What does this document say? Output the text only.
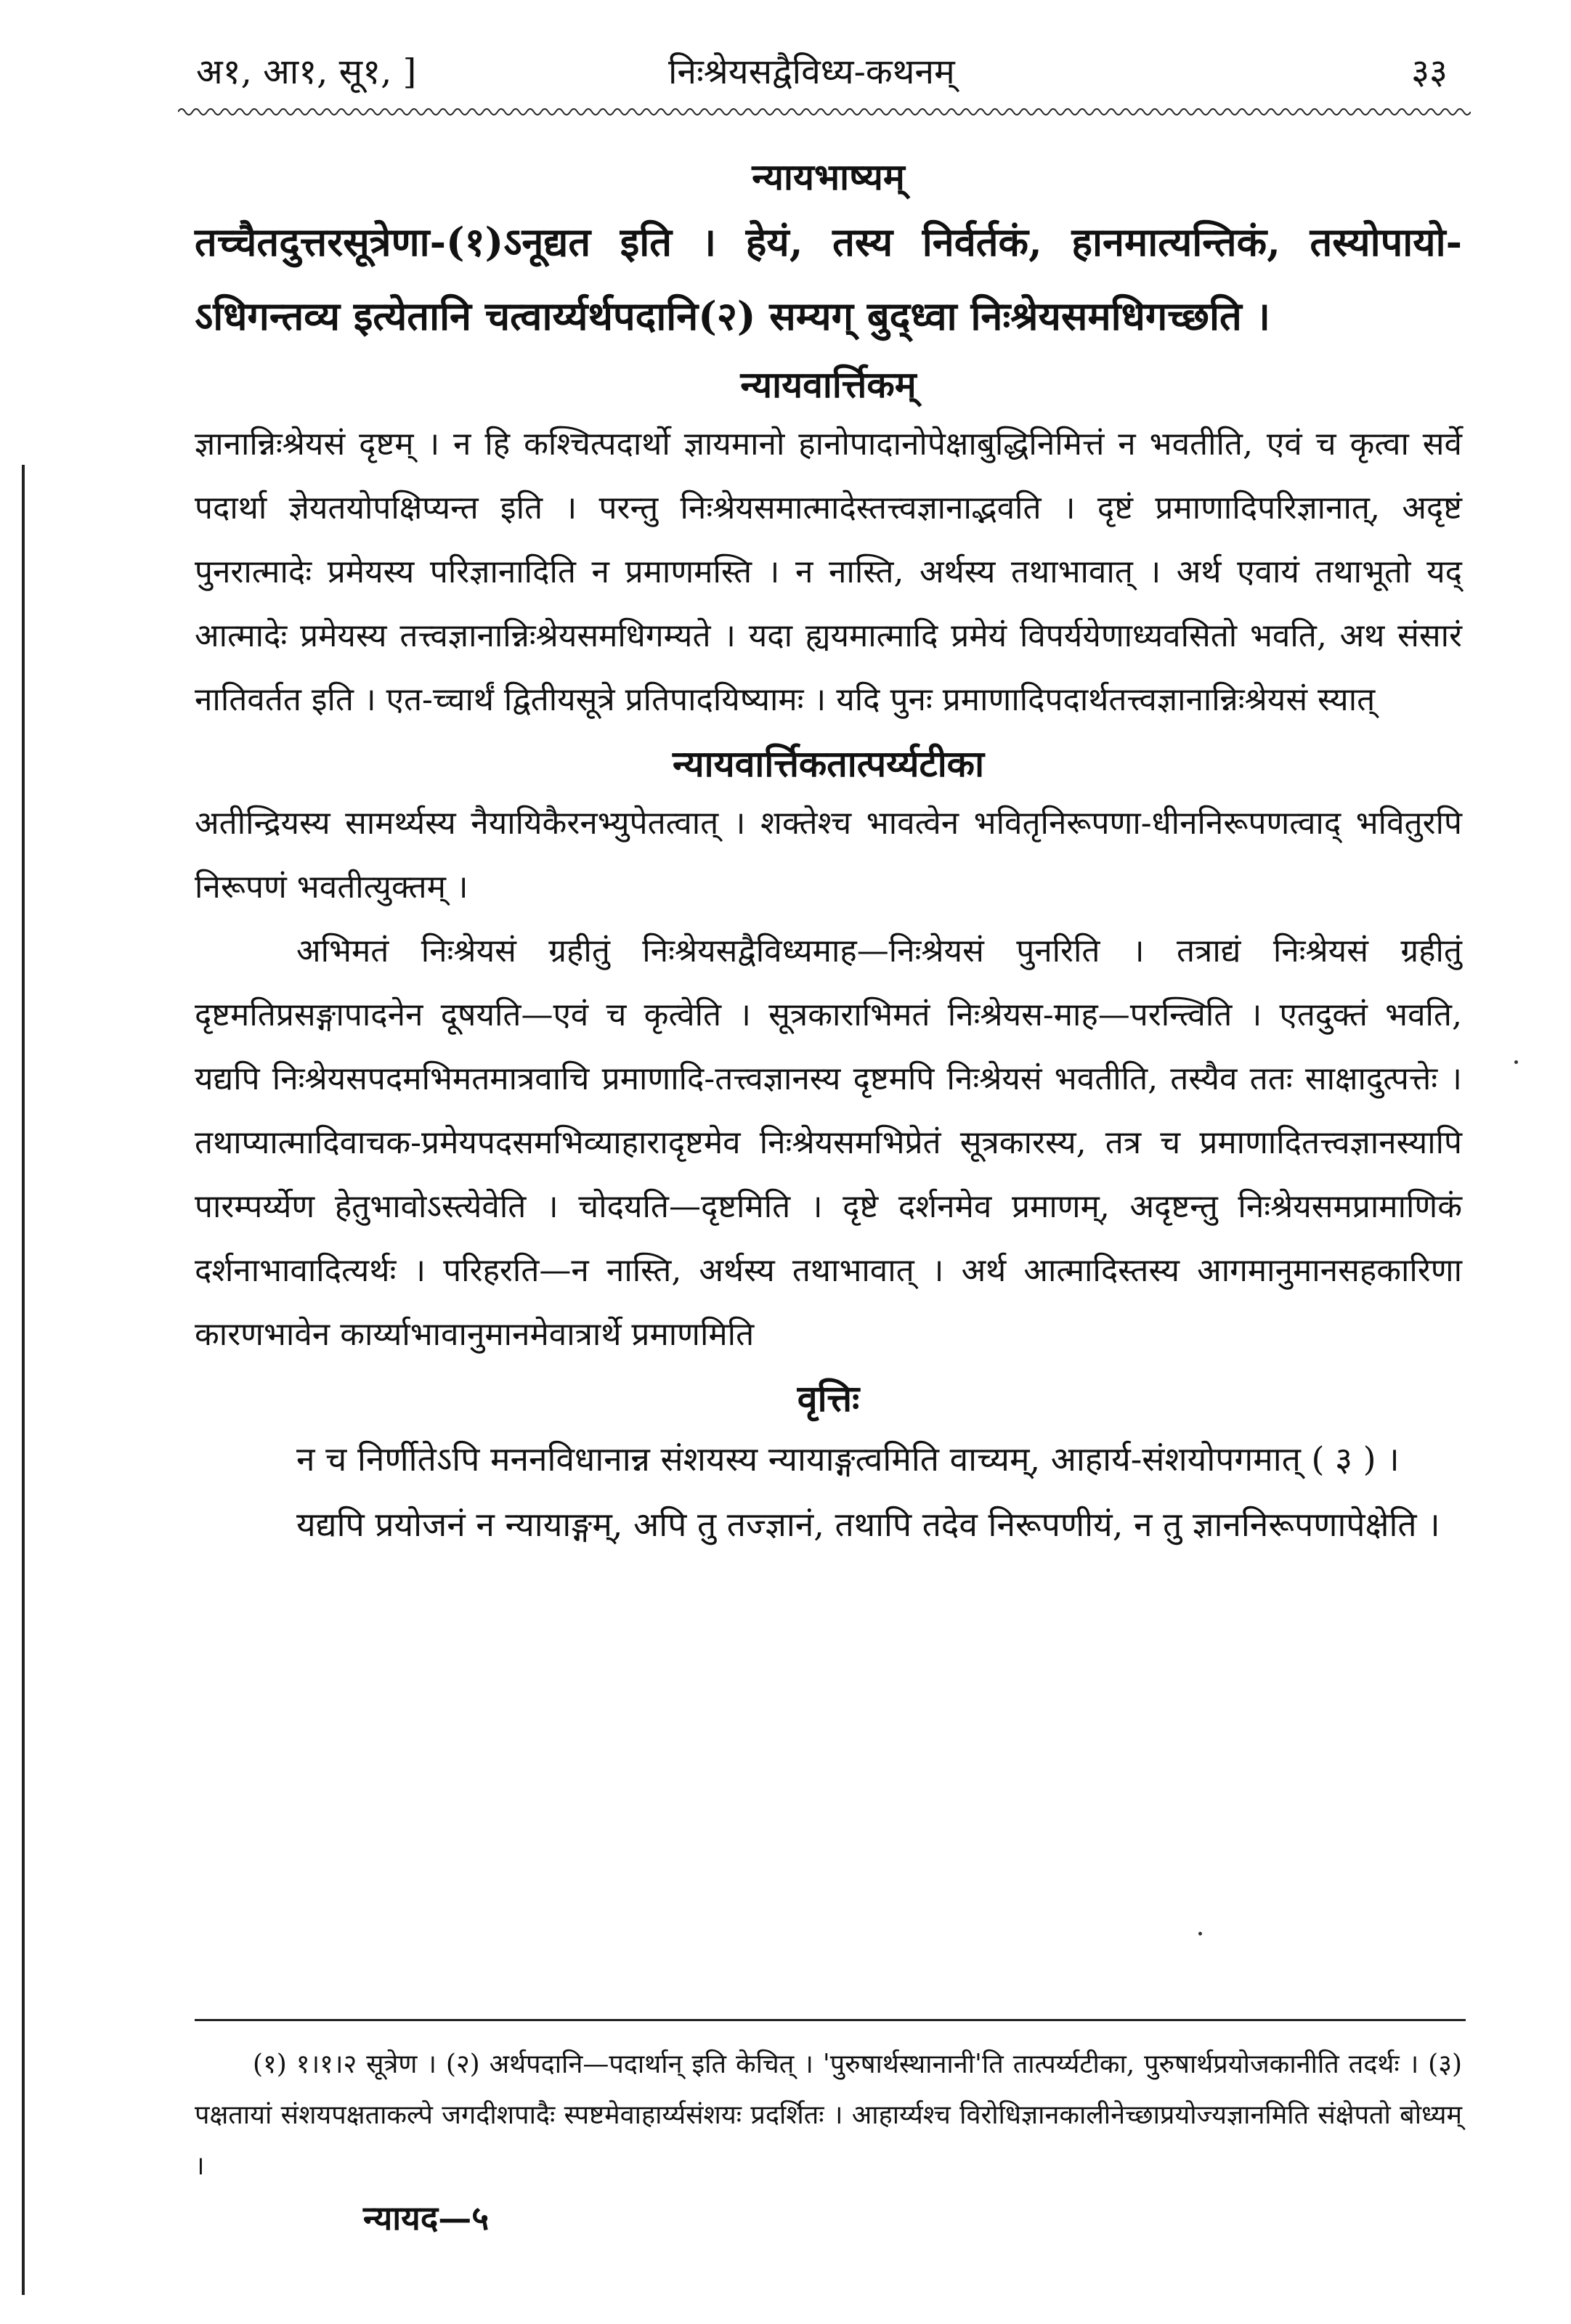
अ१, आ१, सू१, ]	निःश्रेयसद्वैविध्य-कथनम्	३३
न्यायभाष्यम्

तच्चैतदुत्तरसूत्रेणा-(१)ऽनूद्यत इति । हेयं, तस्य निर्वर्तकं, हानमात्यन्तिकं, तस्योपायो-ऽधिगन्तव्य इत्येतानि चत्वार्य्यर्थपदानि(२) सम्यग् बुद्ध्वा निःश्रेयसमधिगच्छति ।

न्यायवार्त्तिकम्

ज्ञानान्निःश्रेयसं दृष्टम् । न हि कश्चित्पदार्थो ज्ञायमानो हानोपादानोपेक्षाबुद्धिनिमित्तं न भवतीति, एवं च कृत्वा सर्वे पदार्था ज्ञेयतयोपक्षिप्यन्त इति । परन्तु निःश्रेयसमात्मादेस्तत्त्वज्ञानाद्भवति । दृष्टं प्रमाणादिपरिज्ञानात्, अदृष्टं पुनरात्मादेः प्रमेयस्य परिज्ञानादिति न प्रमाणमस्ति । न नास्ति, अर्थस्य तथाभावात् । अर्थ एवायं तथाभूतो यद् आत्मादेः प्रमेयस्य तत्त्वज्ञानान्निःश्रेयसमधिगम्यते । यदा ह्ययमात्मादि प्रमेयं विपर्ययेणाध्यवसितो भवति, अथ संसारं नातिवर्तत इति । एत-च्चार्थं द्वितीयसूत्रे प्रतिपादयिष्यामः । यदि पुनः प्रमाणादिपदार्थतत्त्वज्ञानान्निःश्रेयसं स्यात्

न्यायवार्त्तिकतात्पर्य्यटीका

अतीन्द्रियस्य सामर्थ्यस्य नैयायिकैरनभ्युपेतत्वात् । शक्तेश्च भावत्वेन भवितृनिरूपणा-धीननिरूपणत्वाद् भवितुरपि निरूपणं भवतीत्युक्तम् ।

अभिमतं निःश्रेयसं ग्रहीतुं निःश्रेयसद्वैविध्यमाह—निःश्रेयसं पुनरिति । तत्राद्यं निःश्रेयसं ग्रहीतुं दृष्टमतिप्रसङ्गापादनेन दूषयति—एवं च कृत्वेति । सूत्रकाराभिमतं निःश्रेयस-माह—परन्त्विति । एतदुक्तं भवति, यद्यपि निःश्रेयसपदमभिमतमात्रवाचि प्रमाणादि-तत्त्वज्ञानस्य दृष्टमपि निःश्रेयसं भवतीति, तस्यैव ततः साक्षादुत्पत्तेः । तथाप्यात्मादिवाचक-प्रमेयपदसमभिव्याहारादृष्टमेव निःश्रेयसमभिप्रेतं सूत्रकारस्य, तत्र च प्रमाणादितत्त्वज्ञानस्यापि पारम्पर्य्येण हेतुभावोऽस्त्येवेति । चोदयति—दृष्टमिति । दृष्टे दर्शनमेव प्रमाणम्, अदृष्टन्तु निःश्रेयसमप्रामाणिकं दर्शनाभावादित्यर्थः । परिहरति—न नास्ति, अर्थस्य तथाभावात् । अर्थ आत्मादिस्तस्य आगमानुमानसहकारिणा कारणभावेन कार्य्याभावानुमानमेवात्रार्थे प्रमाणमिति

वृत्तिः

न च निर्णीतेऽपि मननविधानान्न संशयस्य न्यायाङ्गत्वमिति वाच्यम्, आहार्य-संशयोपगमात् ( ३ ) ।

यद्यपि प्रयोजनं न न्यायाङ्गम्, अपि तु तज्ज्ञानं, तथापि तदेव निरूपणीयं, न तु ज्ञाननिरूपणापेक्षेति ।

(१) १।१।२ सूत्रेण । (२) अर्थपदानि—पदार्थान् इति केचित् । 'पुरुषार्थस्थानानी'ति तात्पर्य्यटीका, पुरुषार्थप्रयोजकानीति तदर्थः । (३) पक्षतायां संशयपक्षताकल्पे जगदीशपादैः स्पष्टमेवाहार्य्यसंशयः प्रदर्शितः । आहार्य्यश्च विरोधिज्ञानकालीनेच्छाप्रयोज्यज्ञानमिति संक्षेपतो बोध्यम् ।
न्यायद—५
